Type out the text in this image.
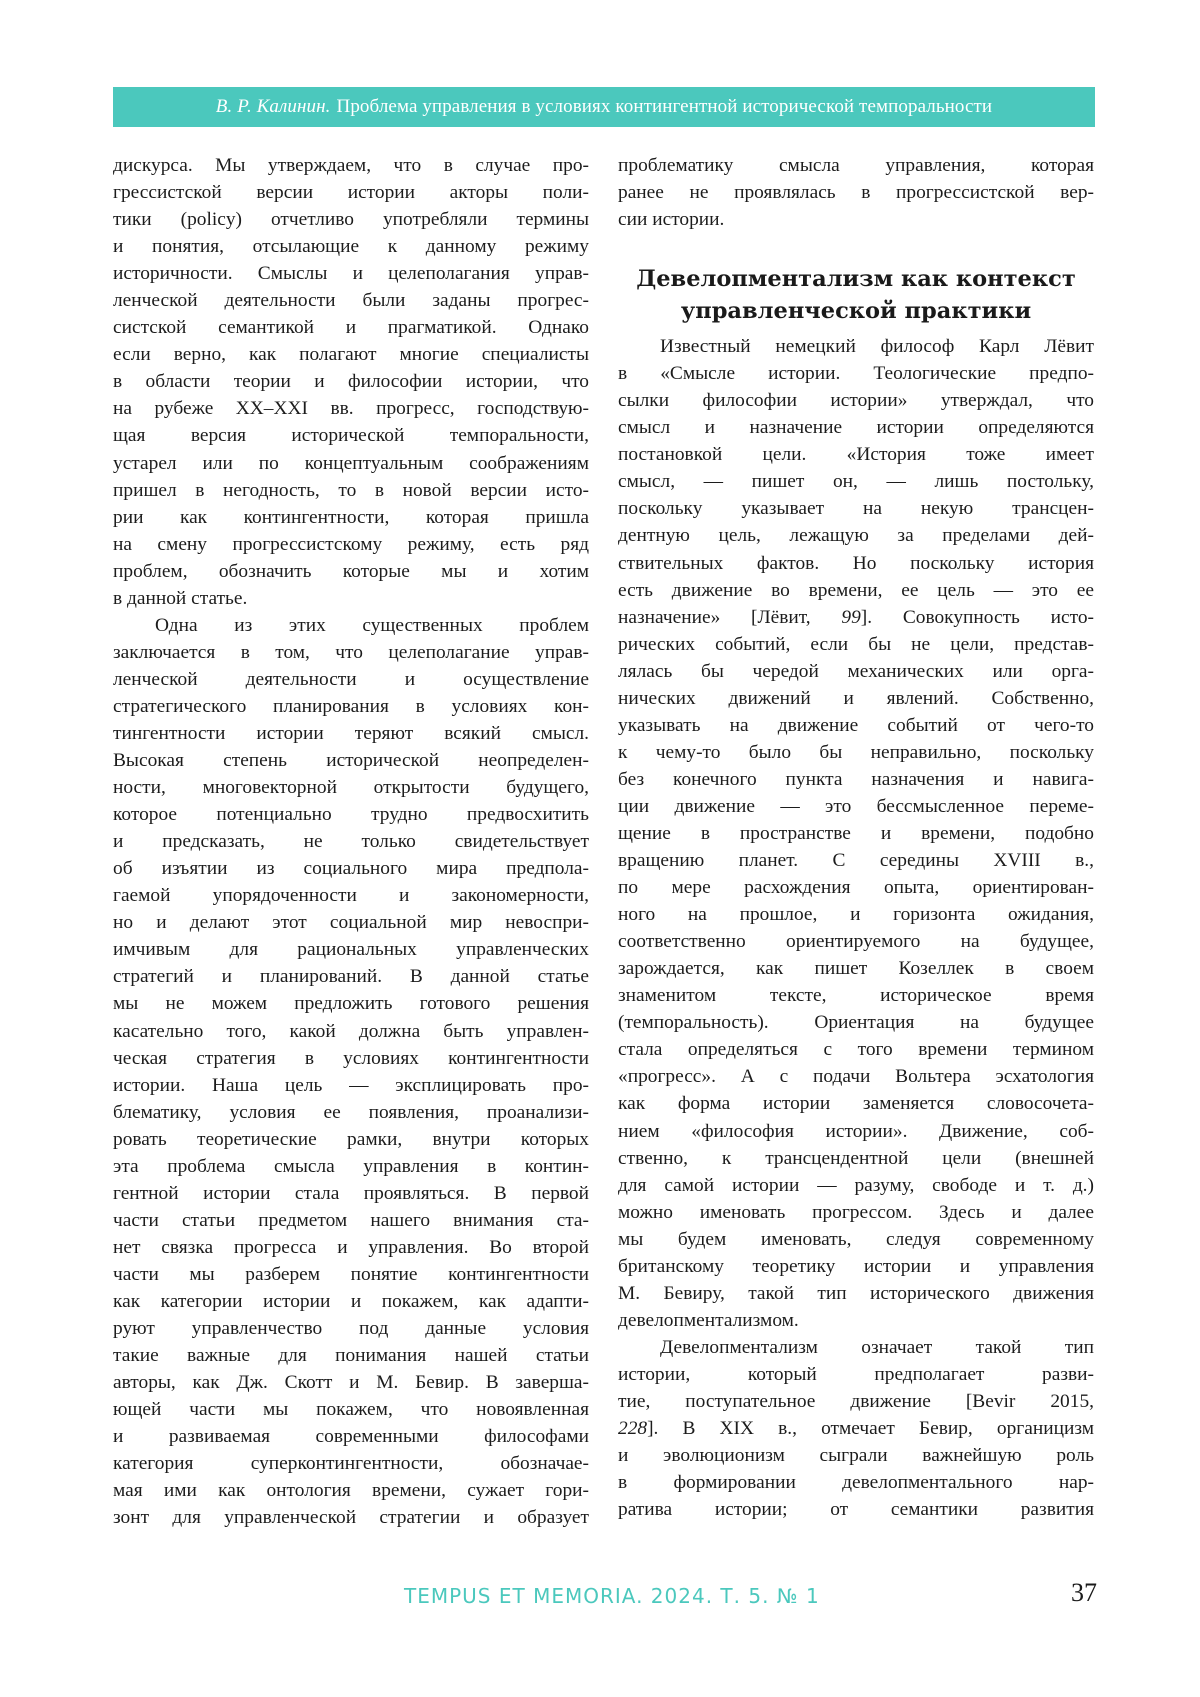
В. Р. Калинин. Проблема управления в условиях контингентной исторической темпоральности
дискурса. Мы утверждаем, что в случае про-
грессистской версии истории акторы поли-
тики (policy) отчетливо употребляли термины
и понятия, отсылающие к данному режиму
историчности. Смыслы и целеполагания управ-
ленческой деятельности были заданы прогрес-
систской семантикой и прагматикой. Однако
если верно, как полагают многие специалисты
в области теории и философии истории, что
на рубеже XX–XXI вв. прогресс, господствую-
щая версия исторической темпоральности,
устарел или по концептуальным соображениям
пришел в негодность, то в новой версии исто-
рии как контингентности, которая пришла
на смену прогрессистскому режиму, есть ряд
проблем, обозначить которые мы и хотим
в данной статье.
Одна из этих существенных проблем
заключается в том, что целеполагание управ-
ленческой деятельности и осуществление
стратегического планирования в условиях кон-
тингентности истории теряют всякий смысл.
Высокая степень исторической неопределен-
ности, многовекторной открытости будущего,
которое потенциально трудно предвосхитить
и предсказать, не только свидетельствует
об изъятии из социального мира предпола-
гаемой упорядоченности и закономерности,
но и делают этот социальной мир невоспри-
имчивым для рациональных управленческих
стратегий и планирований. В данной статье
мы не можем предложить готового решения
касательно того, какой должна быть управлен-
ческая стратегия в условиях контингентности
истории. Наша цель — эксплицировать про-
блематику, условия ее появления, проанализи-
ровать теоретические рамки, внутри которых
эта проблема смысла управления в контин-
гентной истории стала проявляться. В первой
части статьи предметом нашего внимания ста-
нет связка прогресса и управления. Во второй
части мы разберем понятие контингентности
как категории истории и покажем, как адапти-
руют управленчество под данные условия
такие важные для понимания нашей статьи
авторы, как Дж. Скотт и М. Бевир. В заверша-
ющей части мы покажем, что новоявленная
и развиваемая современными философами
категория суперконтингентности, обозначае-
мая ими как онтология времени, сужает гори-
зонт для управленческой стратегии и образует
проблематику смысла управления, которая
ранее не проявлялась в прогрессистской вер-
сии истории.
Девелопментализм как контекст
управленческой практики
Известный немецкий философ Карл Лёвит
в «Смысле истории. Теологические предпо-
сылки философии истории» утверждал, что
смысл и назначение истории определяются
постановкой цели. «История тоже имеет
смысл, — пишет он, — лишь постольку,
поскольку указывает на некую трансцен-
дентную цель, лежащую за пределами дей-
ствительных фактов. Но поскольку история
есть движение во времени, ее цель — это ее
назначение» [Лёвит, 99]. Совокупность исто-
рических событий, если бы не цели, представ-
лялась бы чередой механических или орга-
нических движений и явлений. Собственно,
указывать на движение событий от чего-то
к чему-то было бы неправильно, поскольку
без конечного пункта назначения и навига-
ции движение — это бессмысленное переме-
щение в пространстве и времени, подобно
вращению планет. С середины XVIII в.,
по мере расхождения опыта, ориентирован-
ного на прошлое, и горизонта ожидания,
соответственно ориентируемого на будущее,
зарождается, как пишет Козеллек в своем
знаменитом тексте, историческое время
(темпоральность). Ориентация на будущее
стала определяться с того времени термином
«прогресс». А с подачи Вольтера эсхатология
как форма истории заменяется словосочета-
нием «философия истории». Движение, соб-
ственно, к трансцендентной цели (внешней
для самой истории — разуму, свободе и т. д.)
можно именовать прогрессом. Здесь и далее
мы будем именовать, следуя современному
британскому теоретику истории и управления
М. Бевиру, такой тип исторического движения
девелопментализмом.
Девелопментализм означает такой тип
истории, который предполагает разви-
тие, поступательное движение [Bevir 2015,
228]. В XIX в., отмечает Бевир, органицизм
и эволюционизм сыграли важнейшую роль
в формировании девелопментального нар-
ратива истории; от семантики развития
TEMPUS ET MEMORIA. 2024. Т. 5. № 1	37
